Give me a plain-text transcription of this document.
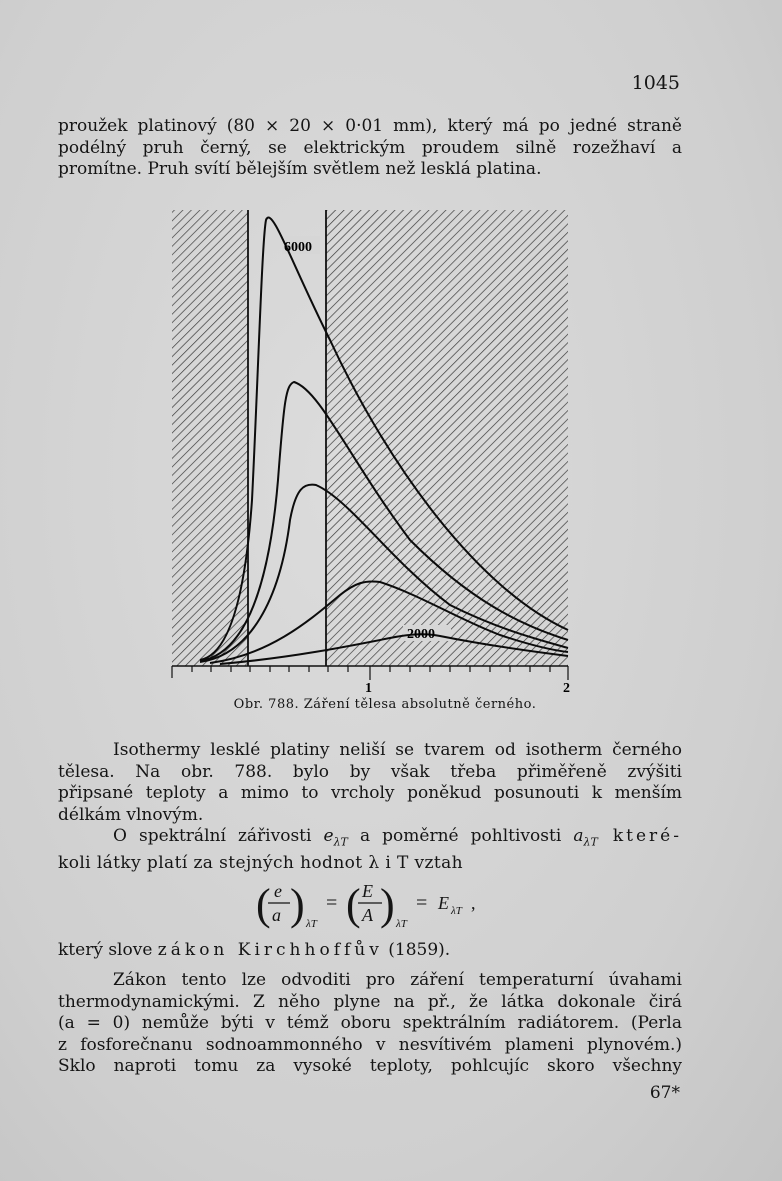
1045
proužek platinový (80 × 20 × 0·01 mm), který má po jedné straně
podélný pruh černý, se elektrickým proudem silně rozežhaví a
promítne. Pruh svítí bělejším světlem než lesklá platina.
6000
2000
1	2
Obr. 788. Záření tělesa absolutně černého.
Isothermy lesklé platiny neliší se tvarem od isotherm černého
tělesa. Na obr. 788. bylo by však třeba přiměřeně zvýšiti
připsané teploty a mimo to vrcholy poněkud posunouti k menším
délkám vlnovým.
O spektrální zářivosti $e_{\lambda T}$ a poměrné pohltivosti $a_{\lambda T}$ které-
koli látky platí za stejných hodnot λ i T vztah
( e
a ) λT
= ( E
A ) λT
= E λT ,
který slove zákon Kirchhoffův (1859).
Zákon tento lze odvoditi pro záření temperaturní úvahami
thermodynamickými. Z něho plyne na př., že látka dokonale čirá
(a = 0) nemůže býti v témž oboru spektrálním radiátorem. (Perla
z fosforečnanu sodnoammonného v nesvítivém plameni plynovém.)
Sklo naproti tomu za vysoké teploty, pohlcujíc skoro všechny
67*
